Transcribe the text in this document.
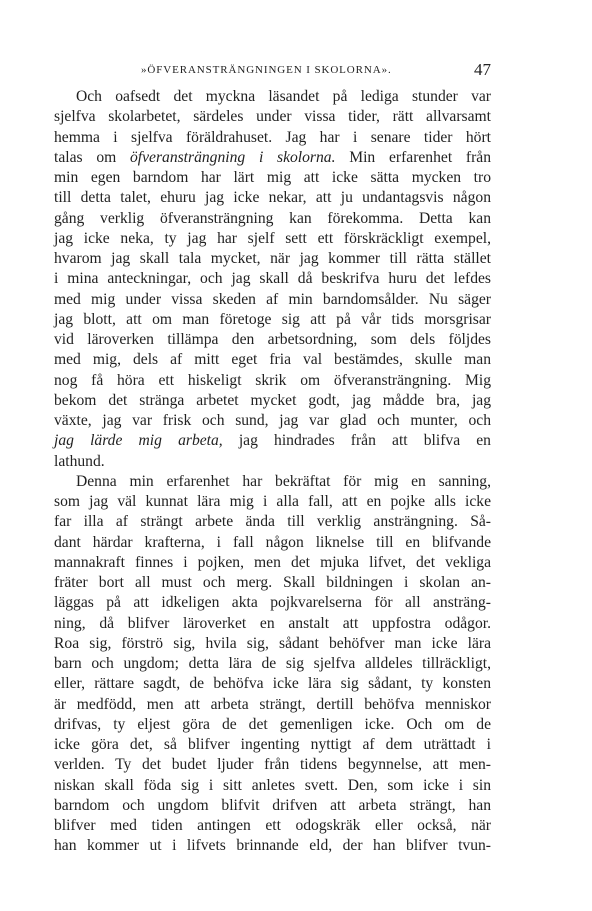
»ÖFVERANSTRÄNGNINGEN I SKOLORNA».	47
Och oafsedt det myckna läsandet på lediga stunder var
sjelfva skolarbetet, särdeles under vissa tider, rätt allvarsamt
hemma i sjelfva föräldrahuset. Jag har i senare tider hört
talas om öfveransträngning i skolorna. Min erfarenhet från
min egen barndom har lärt mig att icke sätta mycken tro
till detta talet, ehuru jag icke nekar, att ju undantagsvis någon
gång verklig öfveransträngning kan förekomma. Detta kan
jag icke neka, ty jag har sjelf sett ett förskräckligt exempel,
hvarom jag skall tala mycket, när jag kommer till rätta stället
i mina anteckningar, och jag skall då beskrifva huru det lefdes
med mig under vissa skeden af min barndomsålder. Nu säger
jag blott, att om man företoge sig att på vår tids morsgrisar
vid läroverken tillämpa den arbetsordning, som dels följdes
med mig, dels af mitt eget fria val bestämdes, skulle man
nog få höra ett hiskeligt skrik om öfveransträngning. Mig
bekom det stränga arbetet mycket godt, jag mådde bra, jag
växte, jag var frisk och sund, jag var glad och munter, och
jag lärde mig arbeta, jag hindrades från att blifva en
lathund.
Denna min erfarenhet har bekräftat för mig en sanning,
som jag väl kunnat lära mig i alla fall, att en pojke alls icke
far illa af strängt arbete ända till verklig ansträngning. Så-
dant härdar krafterna, i fall någon liknelse till en blifvande
mannakraft finnes i pojken, men det mjuka lifvet, det vekliga
fräter bort all must och merg. Skall bildningen i skolan an-
läggas på att idkeligen akta pojkvarelserna för all ansträng-
ning, då blifver läroverket en anstalt att uppfostra odågor.
Roa sig, förströ sig, hvila sig, sådant behöfver man icke lära
barn och ungdom; detta lära de sig sjelfva alldeles tillräckligt,
eller, rättare sagdt, de behöfva icke lära sig sådant, ty konsten
är medfödd, men att arbeta strängt, dertill behöfva menniskor
drifvas, ty eljest göra de det gemenligen icke. Och om de
icke göra det, så blifver ingenting nyttigt af dem uträttadt i
verlden. Ty det budet ljuder från tidens begynnelse, att men-
niskan skall föda sig i sitt anletes svett. Den, som icke i sin
barndom och ungdom blifvit drifven att arbeta strängt, han
blifver med tiden antingen ett odogskräk eller också, när
han kommer ut i lifvets brinnande eld, der han blifver tvun-
